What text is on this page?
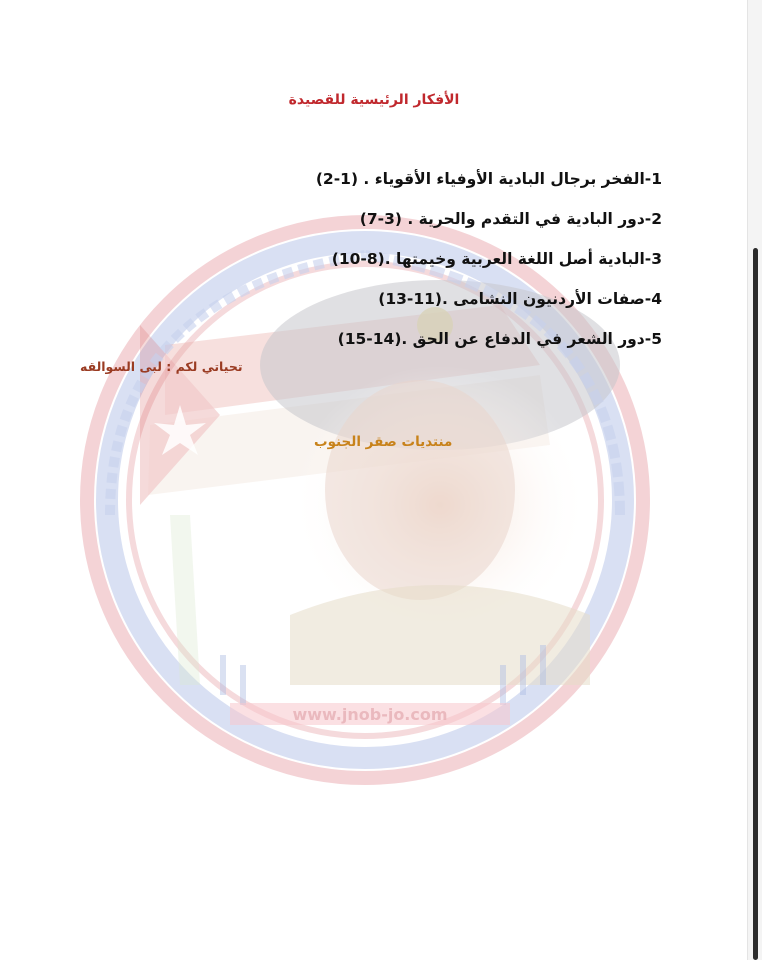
www.jnob-jo.com
الأفكار الرئيسية للقصيدة
1-الفخر برجال البادية الأوفياء الأقوياء . (1-2)
2-دور البادية في التقدم والحرية . (3-7)
3-البادية أصل اللغة العربية وخيمتها .(8-10)
4-صفات الأردنيون النشامى .(11-13)
5-دور الشعر في الدفاع عن الحق .(14-15)
تحياتي لكم : لبى السوالقه
منتديات صقر الجنوب
